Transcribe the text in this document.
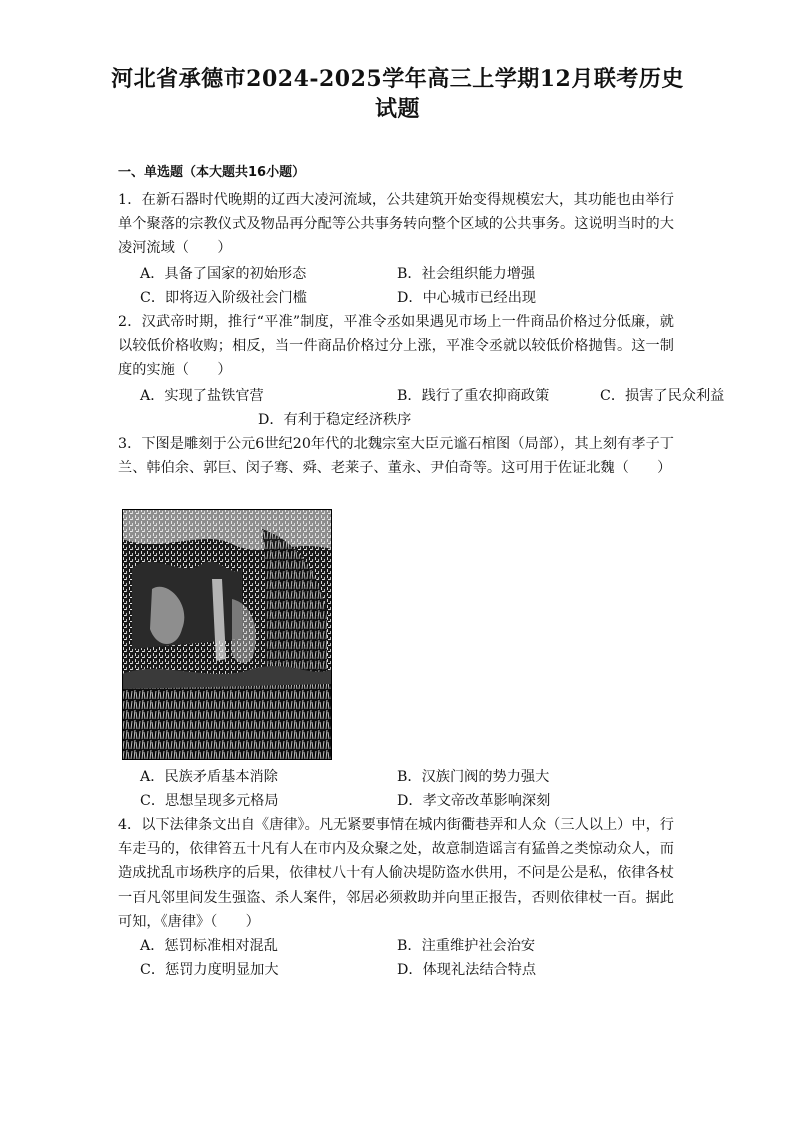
河北省承德市2024-2025学年高三上学期12月联考历史试题
一、单选题（本大题共16小题）
1．在新石器时代晚期的辽西大凌河流域，公共建筑开始变得规模宏大，其功能也由举行单个聚落的宗教仪式及物品再分配等公共事务转向整个区域的公共事务。这说明当时的大凌河流域（　　）
A．具备了国家的初始形态	B．社会组织能力增强
C．即将迈入阶级社会门槛	D．中心城市已经出现
2．汉武帝时期，推行“平准”制度，平准令丞如果遇见市场上一件商品价格过分低廉，就以较低价格收购；相反，当一件商品价格过分上涨，平准令丞就以较低价格抛售。这一制度的实施（　　）
A．实现了盐铁官营	B．践行了重农抑商政策	C．损害了民众利益
D．有利于稳定经济秩序
3．下图是雕刻于公元6世纪20年代的北魏宗室大臣元谧石棺图（局部），其上刻有孝子丁兰、韩伯余、郭巨、闵子骞、舜、老莱子、董永、尹伯奇等。这可用于佐证北魏（　　）
A．民族矛盾基本消除	B．汉族门阀的势力强大
C．思想呈现多元格局	D．孝文帝改革影响深刻
4．以下法律条文出自《唐律》。凡无紧要事情在城内街衢巷弄和人众（三人以上）中，行车走马的，依律笞五十凡有人在市内及众聚之处，故意制造谣言有猛兽之类惊动众人，而造成扰乱市场秩序的后果，依律杖八十有人偷决堤防盗水供用，不问是公是私，依律各杖一百凡邻里间发生强盗、杀人案件，邻居必须救助并向里正报告，否则依律杖一百。据此可知，《唐律》（　　）
A．惩罚标准相对混乱	B．注重维护社会治安
C．惩罚力度明显加大	D．体现礼法结合特点
